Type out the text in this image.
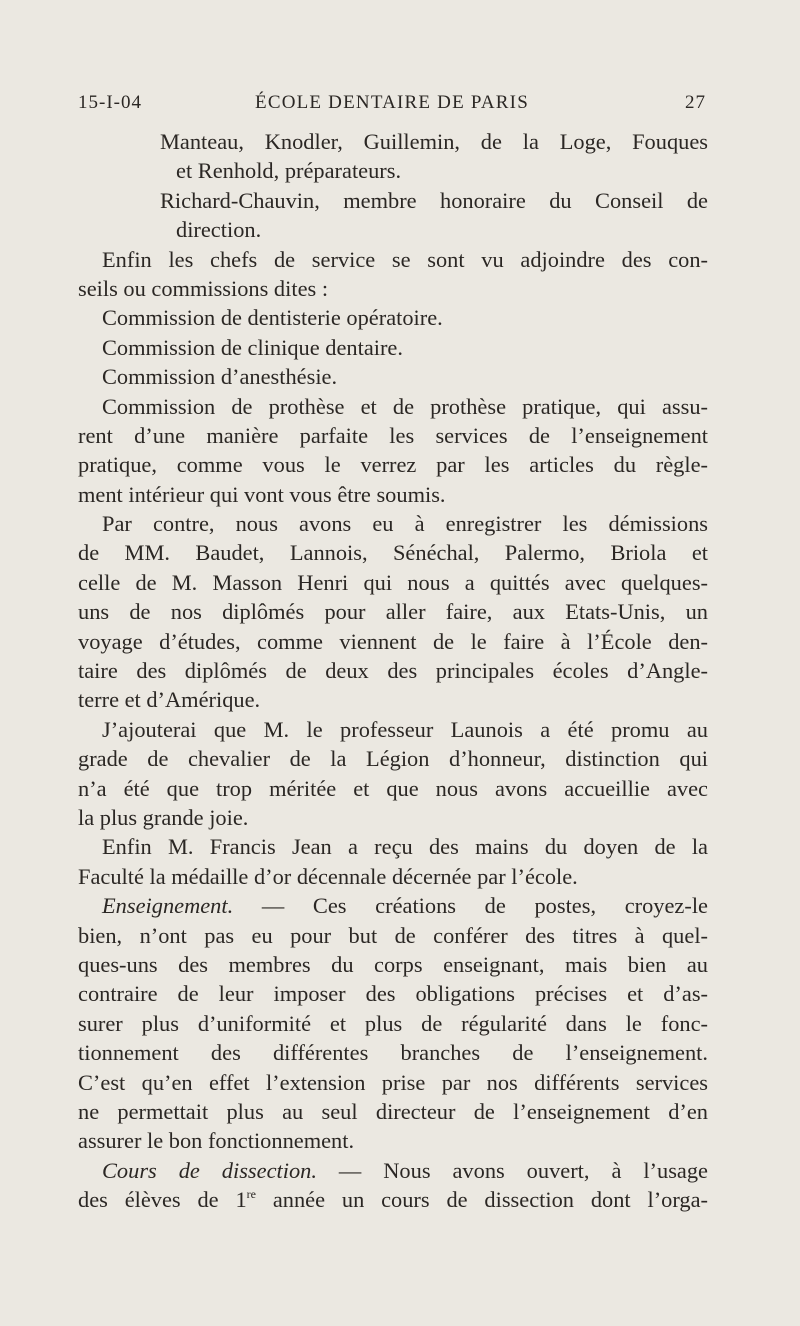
15-I-04	ÉCOLE DENTAIRE DE PARIS	27
Manteau, Knodler, Guillemin, de la Loge, Fouques
et Renhold, préparateurs.
Richard-Chauvin, membre honoraire du Conseil de
direction.
Enfin les chefs de service se sont vu adjoindre des con-
seils ou commissions dites :
Commission de dentisterie opératoire.
Commission de clinique dentaire.
Commission d’anesthésie.
Commission de prothèse et de prothèse pratique, qui assu-
rent d’une manière parfaite les services de l’enseignement
pratique, comme vous le verrez par les articles du règle-
ment intérieur qui vont vous être soumis.
Par contre, nous avons eu à enregistrer les démissions
de MM. Baudet, Lannois, Sénéchal, Palermo, Briola et
celle de M. Masson Henri qui nous a quittés avec quelques-
uns de nos diplômés pour aller faire, aux Etats-Unis, un
voyage d’études, comme viennent de le faire à l’École den-
taire des diplômés de deux des principales écoles d’Angle-
terre et d’Amérique.
J’ajouterai que M. le professeur Launois a été promu au
grade de chevalier de la Légion d’honneur, distinction qui
n’a été que trop méritée et que nous avons accueillie avec
la plus grande joie.
Enfin M. Francis Jean a reçu des mains du doyen de la
Faculté la médaille d’or décennale décernée par l’école.
Enseignement. — Ces créations de postes, croyez-le
bien, n’ont pas eu pour but de conférer des titres à quel-
ques-uns des membres du corps enseignant, mais bien au
contraire de leur imposer des obligations précises et d’as-
surer plus d’uniformité et plus de régularité dans le fonc-
tionnement des différentes branches de l’enseignement.
C’est qu’en effet l’extension prise par nos différents services
ne permettait plus au seul directeur de l’enseignement d’en
assurer le bon fonctionnement.
Cours de dissection. — Nous avons ouvert, à l’usage
des élèves de 1re année un cours de dissection dont l’orga-
